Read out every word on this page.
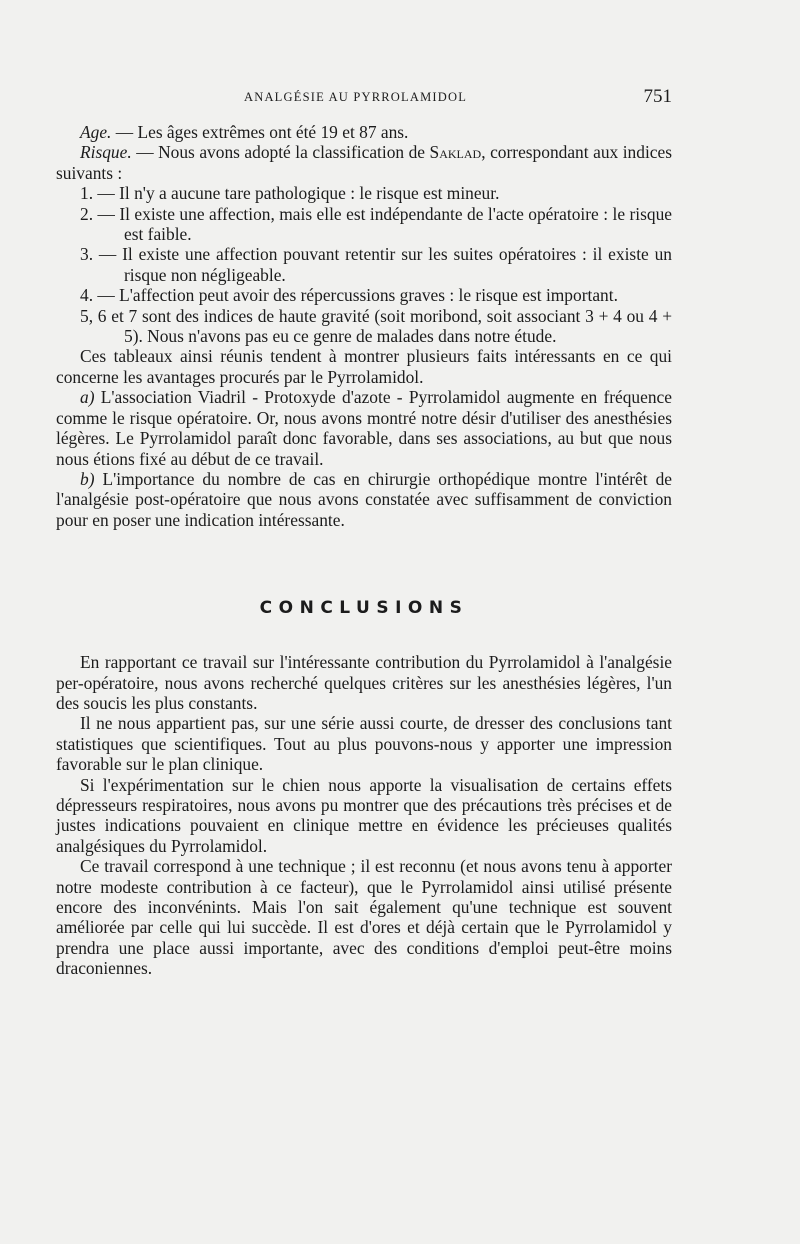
ANALGÉSIE AU PYRROLAMIDOL	751

Age. — Les âges extrêmes ont été 19 et 87 ans.

Risque. — Nous avons adopté la classification de Saklad, correspondant aux indices suivants :

1. — Il n'y a aucune tare pathologique : le risque est mineur.
2. — Il existe une affection, mais elle est indépendante de l'acte opératoire : le risque est faible.
3. — Il existe une affection pouvant retentir sur les suites opératoires : il existe un risque non négligeable.
4. — L'affection peut avoir des répercussions graves : le risque est important.
5, 6 et 7 sont des indices de haute gravité (soit moribond, soit associant 3 + 4 ou 4 + 5). Nous n'avons pas eu ce genre de malades dans notre étude.

Ces tableaux ainsi réunis tendent à montrer plusieurs faits intéressants en ce qui concerne les avantages procurés par le Pyrrolamidol.

a) L'association Viadril - Protoxyde d'azote - Pyrrolamidol augmente en fréquence comme le risque opératoire. Or, nous avons montré notre désir d'utiliser des anesthésies légères. Le Pyrrolamidol paraît donc favorable, dans ses associations, au but que nous nous étions fixé au début de ce travail.

b) L'importance du nombre de cas en chirurgie orthopédique montre l'intérêt de l'analgésie post-opératoire que nous avons constatée avec suffisamment de conviction pour en poser une indication intéressante.

CONCLUSIONS

En rapportant ce travail sur l'intéressante contribution du Pyrrolamidol à l'analgésie per-opératoire, nous avons recherché quelques critères sur les anesthésies légères, l'un des soucis les plus constants.

Il ne nous appartient pas, sur une série aussi courte, de dresser des conclusions tant statistiques que scientifiques. Tout au plus pouvons-nous y apporter une impression favorable sur le plan clinique.

Si l'expérimentation sur le chien nous apporte la visualisation de certains effets dépresseurs respiratoires, nous avons pu montrer que des précautions très précises et de justes indications pouvaient en clinique mettre en évidence les précieuses qualités analgésiques du Pyrrolamidol.

Ce travail correspond à une technique ; il est reconnu (et nous avons tenu à apporter notre modeste contribution à ce facteur), que le Pyrrolamidol ainsi utilisé présente encore des inconvénints. Mais l'on sait également qu'une technique est souvent améliorée par celle qui lui succède. Il est d'ores et déjà certain que le Pyrrolamidol y prendra une place aussi importante, avec des conditions d'emploi peut-être moins draconiennes.
